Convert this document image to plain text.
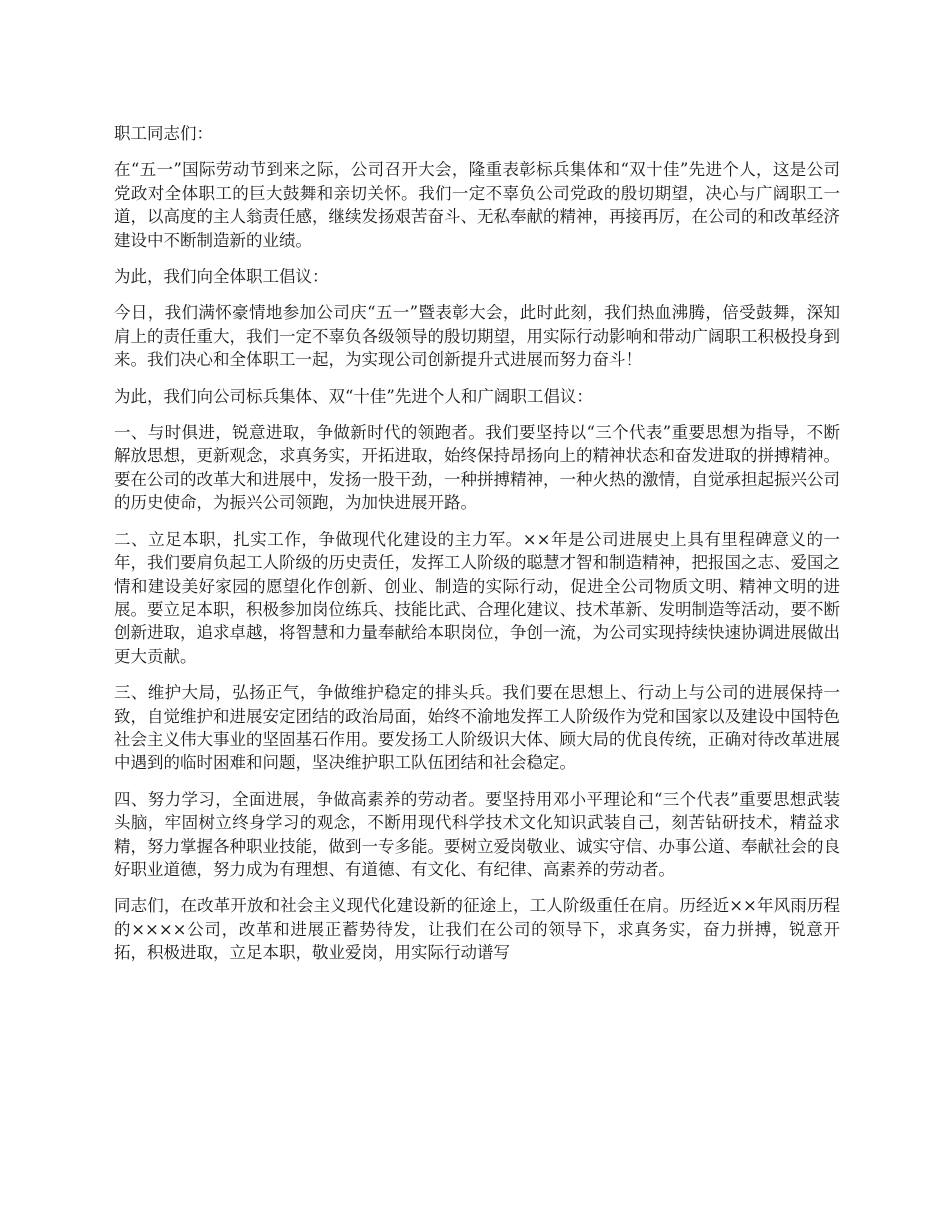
职工同志们：

在“五一”国际劳动节到来之际，公司召开大会，隆重表彰标兵集体和“双十佳”先进个人，这是公司党政对全体职工的巨大鼓舞和亲切关怀。我们一定不辜负公司党政的殷切期望，决心与广阔职工一道，以高度的主人翁责任感，继续发扬艰苦奋斗、无私奉献的精神，再接再厉，在公司的和改革经济建设中不断制造新的业绩。

为此，我们向全体职工倡议：

今日，我们满怀豪情地参加公司庆“五一”暨表彰大会，此时此刻，我们热血沸腾，倍受鼓舞，深知肩上的责任重大，我们一定不辜负各级领导的殷切期望，用实际行动影响和带动广阔职工积极投身到来。我们决心和全体职工一起，为实现公司创新提升式进展而努力奋斗！

为此，我们向公司标兵集体、双“十佳”先进个人和广阔职工倡议：

一、与时俱进，锐意进取，争做新时代的领跑者。我们要坚持以“三个代表”重要思想为指导，不断解放思想，更新观念，求真务实，开拓进取，始终保持昂扬向上的精神状态和奋发进取的拼搏精神。要在公司的改革大和进展中，发扬一股干劲，一种拼搏精神，一种火热的激情，自觉承担起振兴公司的历史使命，为振兴公司领跑，为加快进展开路。

二、立足本职，扎实工作，争做现代化建设的主力军。××年是公司进展史上具有里程碑意义的一年，我们要肩负起工人阶级的历史责任，发挥工人阶级的聪慧才智和制造精神，把报国之志、爱国之情和建设美好家园的愿望化作创新、创业、制造的实际行动，促进全公司物质文明、精神文明的进展。要立足本职，积极参加岗位练兵、技能比武、合理化建议、技术革新、发明制造等活动，要不断创新进取，追求卓越，将智慧和力量奉献给本职岗位，争创一流，为公司实现持续快速协调进展做出更大贡献。

三、维护大局，弘扬正气，争做维护稳定的排头兵。我们要在思想上、行动上与公司的进展保持一致，自觉维护和进展安定团结的政治局面，始终不渝地发挥工人阶级作为党和国家以及建设中国特色社会主义伟大事业的坚固基石作用。要发扬工人阶级识大体、顾大局的优良传统，正确对待改革进展中遇到的临时困难和问题，坚决维护职工队伍团结和社会稳定。

四、努力学习，全面进展，争做高素养的劳动者。要坚持用邓小平理论和“三个代表”重要思想武装头脑，牢固树立终身学习的观念，不断用现代科学技术文化知识武装自己，刻苦钻研技术，精益求精，努力掌握各种职业技能，做到一专多能。要树立爱岗敬业、诚实守信、办事公道、奉献社会的良好职业道德，努力成为有理想、有道德、有文化、有纪律、高素养的劳动者。

同志们，在改革开放和社会主义现代化建设新的征途上，工人阶级重任在肩。历经近××年风雨历程的××××公司，改革和进展正蓄势待发，让我们在公司的领导下，求真务实，奋力拼搏，锐意开拓，积极进取，立足本职，敬业爱岗，用实际行动谱写
